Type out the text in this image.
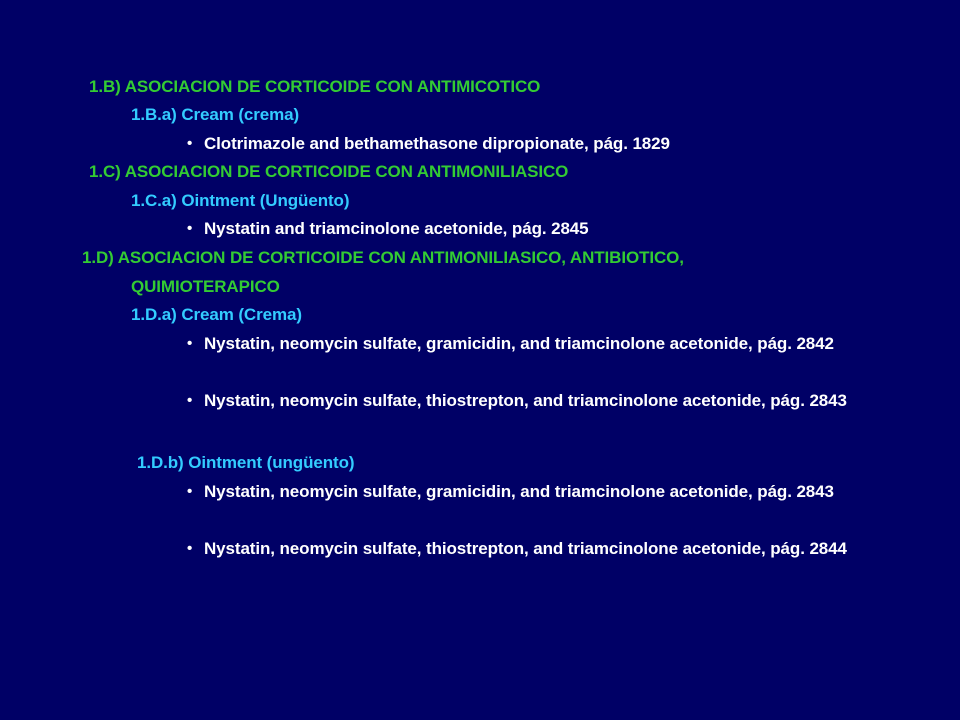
1.B) ASOCIACION DE CORTICOIDE CON ANTIMICOTICO
1.B.a) Cream (crema)
• Clotrimazole and bethamethasone dipropionate, pág. 1829
1.C) ASOCIACION DE CORTICOIDE CON ANTIMONILIASICO
1.C.a) Ointment (Ungüento)
• Nystatin and triamcinolone acetonide, pág. 2845
1.D) ASOCIACION DE CORTICOIDE CON ANTIMONILIASICO, ANTIBIOTICO,
QUIMIOTERAPICO
1.D.a) Cream (Crema)
• Nystatin, neomycin sulfate, gramicidin, and triamcinolone acetonide, pág. 2842
• Nystatin, neomycin sulfate, thiostrepton, and triamcinolone acetonide, pág. 2843
1.D.b) Ointment (ungüento)
• Nystatin, neomycin sulfate, gramicidin, and triamcinolone acetonide, pág. 2843
• Nystatin, neomycin sulfate, thiostrepton, and triamcinolone acetonide, pág. 2844
